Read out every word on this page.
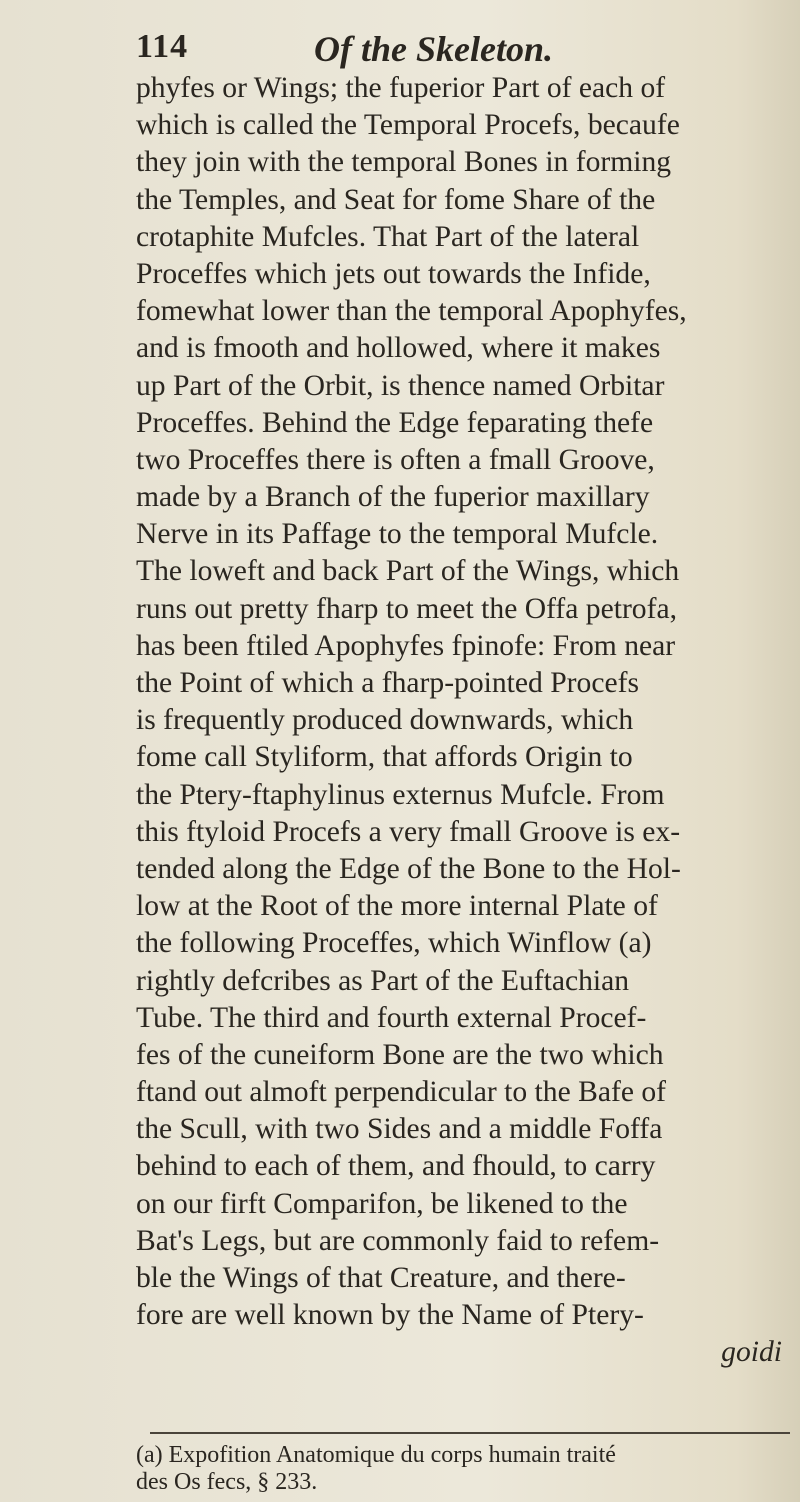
114	Of the Skeleton.
phyfes or Wings; the fuperior Part of each of
which is called the Temporal Procefs, becaufe
they join with the temporal Bones in forming
the Temples, and Seat for fome Share of the
crotaphite Mufcles. That Part of the lateral
Proceffes which jets out towards the Infide,
fomewhat lower than the temporal Apophyfes,
and is fmooth and hollowed, where it makes
up Part of the Orbit, is thence named Orbitar
Proceffes. Behind the Edge feparating thefe
two Proceffes there is often a fmall Groove,
made by a Branch of the fuperior maxillary
Nerve in its Paffage to the temporal Mufcle.
The loweft and back Part of the Wings, which
runs out pretty fharp to meet the Offa petrofa,
has been ftiled Apophyfes fpinofe: From near
the Point of which a fharp-pointed Procefs
is frequently produced downwards, which
fome call Styliform, that affords Origin to
the Ptery-ftaphylinus externus Mufcle. From
this ftyloid Procefs a very fmall Groove is ex-
tended along the Edge of the Bone to the Hol-
low at the Root of the more internal Plate of
the following Proceffes, which Winflow (a)
rightly defcribes as Part of the Euftachian
Tube. The third and fourth external Procef-
fes of the cuneiform Bone are the two which
ftand out almoft perpendicular to the Bafe of
the Scull, with two Sides and a middle Foffa
behind to each of them, and fhould, to carry
on our firft Comparifon, be likened to the
Bat's Legs, but are commonly faid to refem-
ble the Wings of that Creature, and there-
fore are well known by the Name of Ptery-
goidi
(a) Expofition Anatomique du corps humain traité
des Os fecs, § 233.
